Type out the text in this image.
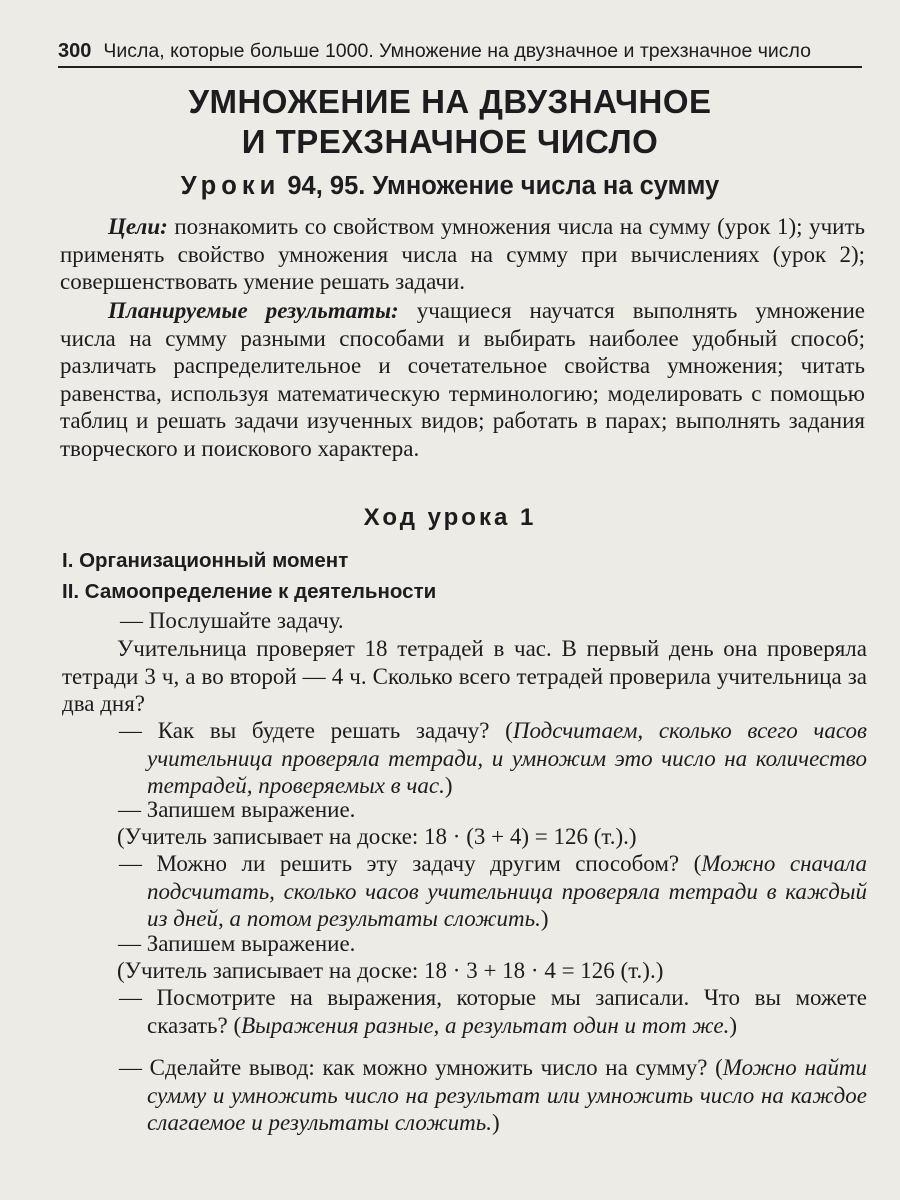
300 Числа, которые больше 1000. Умножение на двузначное и трехзначное число
УМНОЖЕНИЕ НА ДВУЗНАЧНОЕ
И ТРЕХЗНАЧНОЕ ЧИСЛО
Уроки 94, 95. Умножение числа на сумму
Цели: познакомить со свойством умножения числа на сумму (урок 1); учить применять свойство умножения числа на сумму при вычислениях (урок 2); совершенствовать умение решать задачи.
Планируемые результаты: учащиеся научатся выполнять умножение числа на сумму разными способами и выбирать наиболее удобный способ; различать распределительное и сочетательное свойства умножения; читать равенства, используя математическую терминологию; моделировать с помощью таблиц и решать задачи изученных видов; работать в парах; выполнять задания творческого и поискового характера.
Ход урока 1
I. Организационный момент
II. Самоопределение к деятельности
— Послушайте задачу.
Учительница проверяет 18 тетрадей в час. В первый день она проверяла тетради 3 ч, а во второй — 4 ч. Сколько всего тетрадей проверила учительница за два дня?
— Как вы будете решать задачу? (Подсчитаем, сколько всего часов учительница проверяла тетради, и умножим это число на количество тетрадей, проверяемых в час.)
— Запишем выражение.
(Учитель записывает на доске: 18 · (3 + 4) = 126 (т.).)
— Можно ли решить эту задачу другим способом? (Можно сначала подсчитать, сколько часов учительница проверяла тетради в каждый из дней, а потом результаты сложить.)
— Запишем выражение.
(Учитель записывает на доске: 18 · 3 + 18 · 4 = 126 (т.).)
— Посмотрите на выражения, которые мы записали. Что вы можете сказать? (Выражения разные, а результат один и тот же.)
— Сделайте вывод: как можно умножить число на сумму? (Можно найти сумму и умножить число на результат или умножить число на каждое слагаемое и результаты сложить.)
